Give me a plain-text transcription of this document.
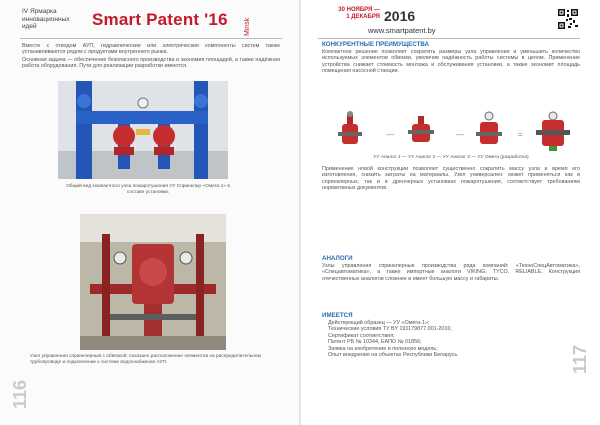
IV Ярмарка инновационных идей	Smart Patent '16 Minsk
Вместе с отводом АУП, гидравлические или электрические компоненты систем также устанавливаются рядом с продуктами внутреннего рынка.
Основная задача — обеспечение безопасного производства и экономия площадей, а также надёжная работа оборудования. Пути для реализации разработки имеются.
Общий вид компактного узла пожаротушения УУ Спринклер «Омега-1» в составе установки.
Узел управления спринклерный с обвязкой; показано расположение элементов на распределительном трубопроводе и подключение к системе водоснабжения АУП.
116
30 НОЯБРЯ —
1 ДЕКАБРЯ 2016
www.smartpatent.by
КОНКУРЕНТНЫЕ ПРЕИМУЩЕСТВА
Компактное решение позволяет сократить размеры узла управления и уменьшить количество используемых элементов обвязки, увеличив надёжность работы системы в целом. Применение устройства снижает стоимость монтажа и обслуживания установки, а также экономит площадь помещения насосной станции.
—	—	=
УУ Аналог 1 — УУ Аналог 2 — УУ Аналог 3 — УУ Омега (разработка)
Применение новой конструкции позволяет существенно сократить массу узла и время его изготовления, снизить затраты на материалы. Узел универсален: может применяться как в спринклерных, так и в дренчерных установках пожаротушения, соответствует требованиям нормативных документов.
АНАЛОГИ
Узлы управления спринклерные производства ряда компаний: «ТехноСпецАвтоматика», «Спецавтоматика», а также импортные аналоги VIKING, TYCO, RELIABLE. Конструкция отечественных аналогов сложнее и имеет большую массу и габариты.
ИМЕЕТСЯ
Действующий образец — УУ «Омега-1»;
Технические условия ТУ BY 191179877.001-2016;
Сертификат соответствия;
Патент РБ № 10344, ЕАПО № 01856;
Заявка на изобретение и полезную модель;
Опыт внедрения на объектах Республики Беларусь.	117
